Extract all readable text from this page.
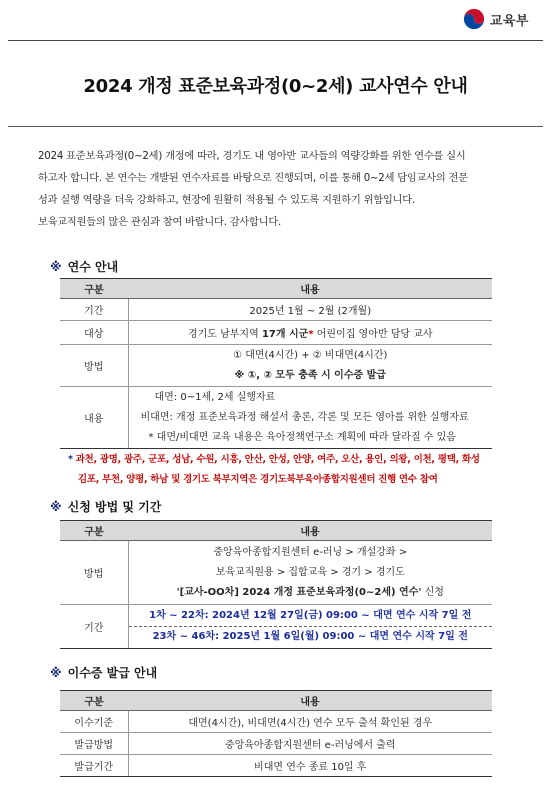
교육부
2024 개정 표준보육과정(0~2세) 교사연수 안내

2024 표준보육과정(0~2세) 개정에 따라, 경기도 내 영아반 교사들의 역량강화를 위한 연수를 실시

하고자 합니다. 본 연수는 개발된 연수자료를 바탕으로 진행되며, 이를 통해 0~2세 담임교사의 전문

성과 실행 역량을 더욱 강화하고, 현장에 원활히 적용될 수 있도록 지원하기 위함입니다.

보육교직원들의 많은 관심과 참여 바랍니다. 감사합니다.

※ 연수 안내
구분	내용
기간	2025년 1월 ~ 2월 (2개월)
대상	경기도 남부지역 17개 시군* 어린이집 영아반 담당 교사
방법	① 대면(4시간) + ② 비대면(4시간)
※ ①, ② 모두 충족 시 이수증 발급

내용	대면: 0~1세, 2세 실행자료
비대면: 개정 표준보육과정 해설서 총론, 각론 및 모든 영아를 위한 실행자료
* 대면/비대면 교육 내용은 육아정책연구소 계획에 따라 달라질 수 있음

* 과천, 광명, 광주, 군포, 성남, 수원, 시흥, 안산, 안성, 안양, 여주, 오산, 용인, 의왕, 이천, 평택, 화성

김포, 부천, 양평, 하남 및 경기도 북부지역은 경기도북부육아종합지원센터 진행 연수 참여

※ 신청 방법 및 기간
구분	내용
방법	중앙육아종합지원센터 e-러닝 > 개설강좌 >
보육교직원용 > 집합교육 > 경기 > 경기도
'[교사-OO차] 2024 개정 표준보육과정(0~2세) 연수' 신청

기간	1차 ~ 22차: 2024년 12월 27일(금) 09:00 ~ 대면 연수 시작 7일 전
23차 ~ 46차: 2025년 1월 6일(월) 09:00 ~ 대면 연수 시작 7일 전
※ 이수증 발급 안내
구분	내용
이수기준	대면(4시간), 비대면(4시간) 연수 모두 출석 확인된 경우
발급방법	중앙육아종합지원센터 e-러닝에서 출력
발급기간	비대면 연수 종료 10일 후
